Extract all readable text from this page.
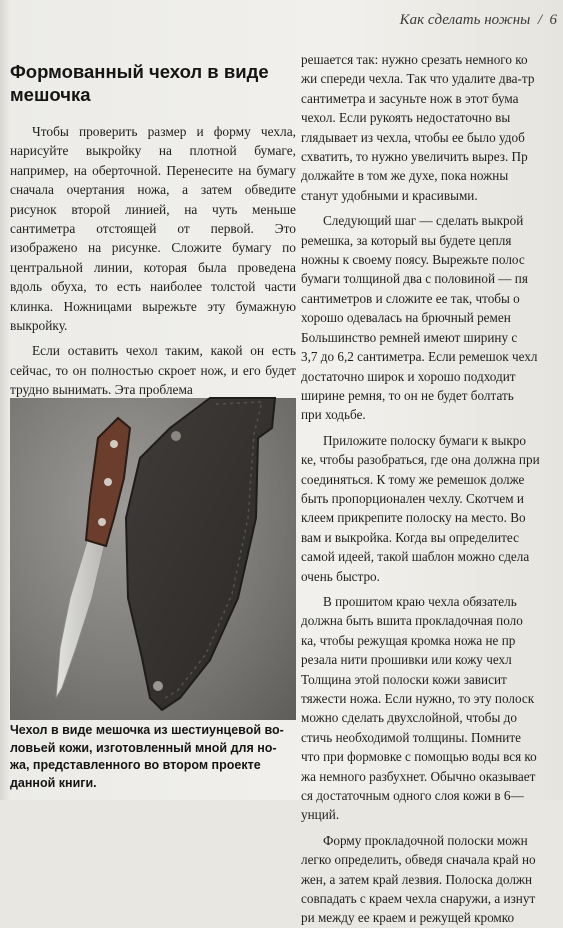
Как сделать ножны / 6
Формованный чехол в виде мешочка

Чтобы проверить размер и форму чехла, нарисуйте выкройку на плотной бумаге, например, на оберточной. Перенесите на бумагу сначала очертания ножа, а затем обведите рисунок второй линией, на чуть меньше сантиметра отстоящей от первой. Это изображено на рисунке. Сложите бумагу по центральной линии, которая была проведена вдоль обуха, то есть наиболее толстой части клинка. Ножницами вырежьте эту бумажную выкройку.

Если оставить чехол таким, какой он есть сейчас, то он полностью скроет нож, и его будет трудно вынимать. Эта проблема

Чехол в виде мешочка из шестиунцевой во-
ловьей кожи, изготовленный мной для но-
жа, представленного во втором проекте
данной книги.
решается так: нужно срезать немного ко
жи спереди чехла. Так что удалите два-тр
сантиметра и засуньте нож в этот бума
чехол. Если рукоять недостаточно вы
глядывает из чехла, чтобы ее было удоб
схватить, то нужно увеличить вырез. Пр
должайте в том же духе, пока ножны
станут удобными и красивыми.
Следующий шаг — сделать выкрой
ремешка, за который вы будете цепля
ножны к своему поясу. Вырежьте полос
бумаги толщиной два с половиной — пя
сантиметров и сложите ее так, чтобы о
хорошо одевалась на брючный ремен
Большинство ремней имеют ширину с
3,7 до 6,2 сантиметра. Если ремешок чехл
достаточно широк и хорошо подходит
ширине ремня, то он не будет болтать
при ходьбе.
Приложите полоску бумаги к выкро
ке, чтобы разобраться, где она должна при
соединяться. К тому же ремешок долже
быть пропорционален чехлу. Скотчем и
клеем прикрепите полоску на место. Во
вам и выкройка. Когда вы определитес
самой идеей, такой шаблон можно сдела
очень быстро.
В прошитом краю чехла обязатель
должна быть вшита прокладочная поло
ка, чтобы режущая кромка ножа не пр
резала нити прошивки или кожу чехл
Толщина этой полоски кожи зависит
тяжести ножа. Если нужно, то эту полоск
можно сделать двухслойной, чтобы до
стичь необходимой толщины. Помните
что при формовке с помощью воды вся ко
жа немного разбухнет. Обычно оказывает
ся достаточным одного слоя кожи в 6—
унций.
Форму прокладочной полоски можн
легко определить, обведя сначала край но
жен, а затем край лезвия. Полоска должн
совпадать с краем чехла снаружи, а изнут
ри между ее краем и режущей кромко
